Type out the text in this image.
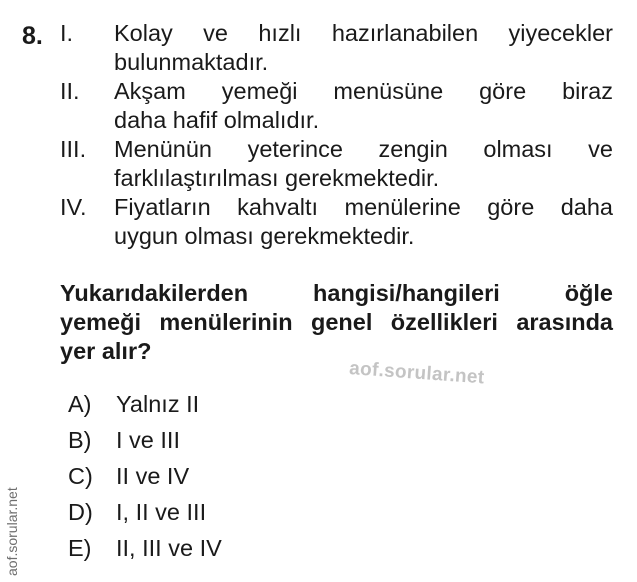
8. I.	Kolay ve hızlı hazırlanabilen yiyecekler
bulunmaktadır.
II.	Akşam yemeği menüsüne göre biraz
daha hafif olmalıdır.
III.	Menünün yeterince zengin olması ve
farklılaştırılması gerekmektedir.
IV.	Fiyatların kahvaltı menülerine göre daha
uygun olması gerekmektedir.
Yukarıdakilerden hangisi/hangileri öğle
yemeği menülerinin genel özellikleri arasında
yer alır?
aof.sorular.net
A)	Yalnız II
B)	I ve III
C) II ve IV
D) I, II ve III
E)	II, III ve IV
aof.sorular.net
